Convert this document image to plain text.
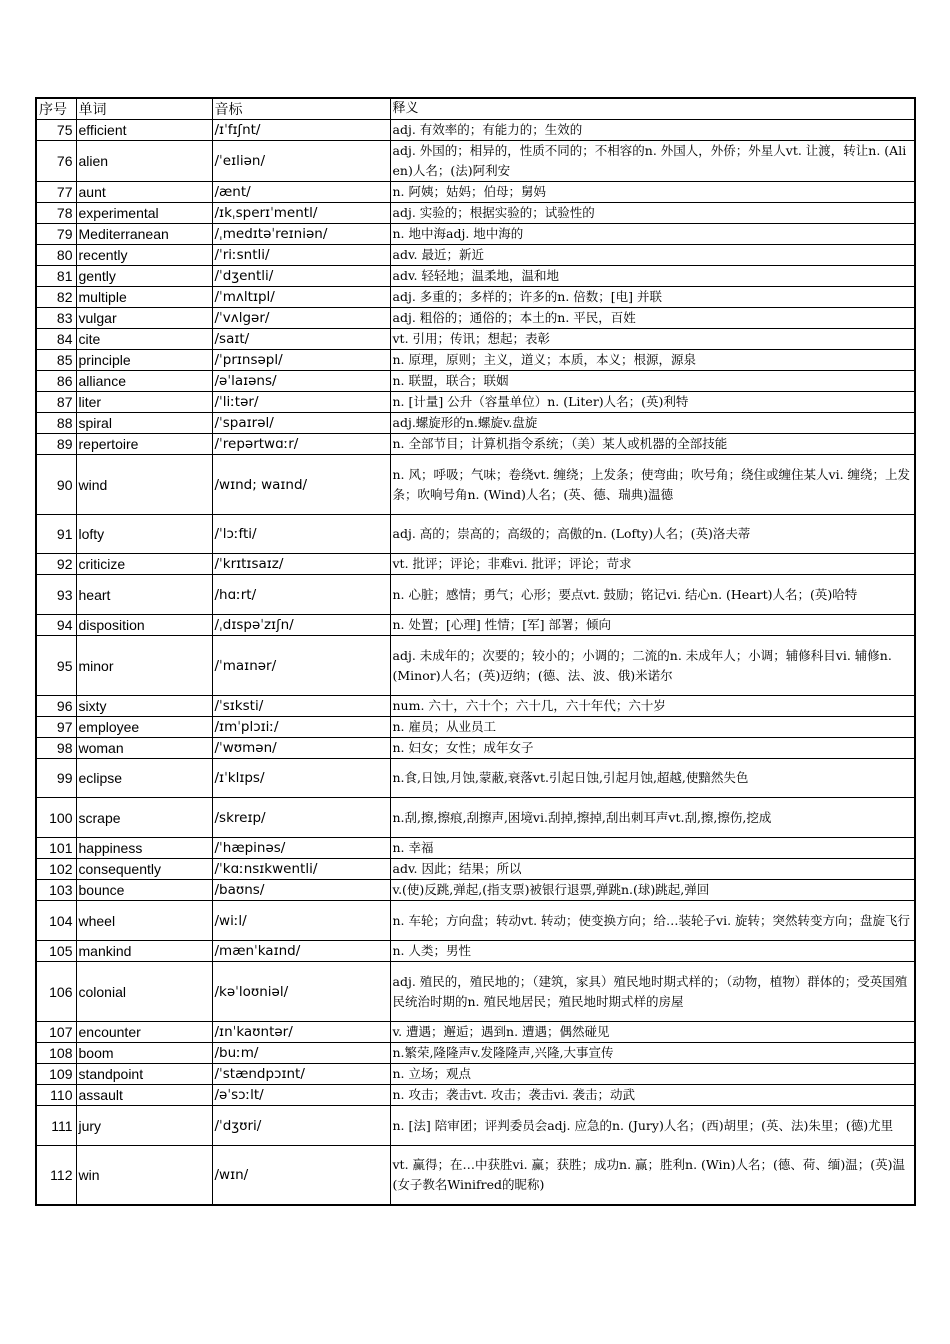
序号	单词	音标	释义
75	efficient	/ɪˈfɪʃnt/	adj. 有效率的；有能力的；生效的
76	alien	/ˈeɪliən/	adj. 外国的；相异的，性质不同的；不相容的n. 外国人，外侨；外星人vt. 让渡，转让n. (Alien)人名；(法)阿利安
77	aunt	/ænt/	n. 阿姨；姑妈；伯母；舅妈
78	experimental	/ɪkˌsperɪˈmentl/	adj. 实验的；根据实验的；试验性的
79	Mediterranean	/ˌmedɪtəˈreɪniən/	n. 地中海adj. 地中海的
80	recently	/ˈriːsntli/	adv. 最近；新近
81	gently	/ˈdʒentli/	adv. 轻轻地；温柔地，温和地
82	multiple	/ˈmʌltɪpl/	adj. 多重的；多样的；许多的n. 倍数；[电] 并联
83	vulgar	/ˈvʌlgər/	adj. 粗俗的；通俗的；本土的n. 平民，百姓
84	cite	/saɪt/	vt. 引用；传讯；想起；表彰
85	principle	/ˈprɪnsəpl/	n. 原理，原则；主义，道义；本质，本义；根源，源泉
86	alliance	/əˈlaɪəns/	n. 联盟，联合；联姻
87	liter	/ˈliːtər/	n. [计量] 公升（容量单位）n. (Liter)人名；(英)利特
88	spiral	/ˈspaɪrəl/	adj.螺旋形的n.螺旋v.盘旋
89	repertoire	/ˈrepərtwɑːr/	n. 全部节目；计算机指令系统；（美）某人或机器的全部技能
90	wind	/wɪnd; waɪnd/	n. 风；呼吸；气味；卷绕vt. 缠绕；上发条；使弯曲；吹号角；绕住或缠住某人vi. 缠绕；上发条；吹响号角n. (Wind)人名；(英、德、瑞典)温德
91	lofty	/ˈlɔːfti/	adj. 高的；崇高的；高级的；高傲的n. (Lofty)人名；(英)洛夫蒂
92	criticize	/ˈkrɪtɪsaɪz/	vt. 批评；评论；非难vi. 批评；评论；苛求
93	heart	/hɑːrt/	n. 心脏；感情；勇气；心形；要点vt. 鼓励；铭记vi. 结心n. (Heart)人名；(英)哈特
94	disposition	/ˌdɪspəˈzɪʃn/	n. 处置；[心理] 性情；[军] 部署；倾向
95	minor	/ˈmaɪnər/	adj. 未成年的；次要的；较小的；小调的；二流的n. 未成年人；小调；辅修科目vi. 辅修n. (Minor)人名；(英)迈纳；(德、法、波、俄)米诺尔
96	sixty	/ˈsɪksti/	num. 六十，六十个；六十几，六十年代；六十岁
97	employee	/ɪmˈplɔɪiː/	n. 雇员；从业员工
98	woman	/ˈwʊmən/	n. 妇女；女性；成年女子
99	eclipse	/ɪˈklɪps/	n.食,日蚀,月蚀,蒙蔽,衰落vt.引起日蚀,引起月蚀,超越,使黯然失色
100	scrape	/skreɪp/	n.刮,擦,擦痕,刮擦声,困境vi.刮掉,擦掉,刮出刺耳声vt.刮,擦,擦伤,挖成
101	happiness	/ˈhæpinəs/	n. 幸福
102	consequently	/ˈkɑːnsɪkwentli/	adv. 因此；结果；所以
103	bounce	/baʊns/	v.(使)反跳,弹起,(指支票)被银行退票,弹跳n.(球)跳起,弹回
104	wheel	/wiːl/	n. 车轮；方向盘；转动vt. 转动；使变换方向；给…装轮子vi. 旋转；突然转变方向；盘旋飞行
105	mankind	/mænˈkaɪnd/	n. 人类；男性
106	colonial	/kəˈloʊniəl/	adj. 殖民的，殖民地的；（建筑，家具）殖民地时期式样的；（动物，植物）群体的；受英国殖民统治时期的n. 殖民地居民；殖民地时期式样的房屋
107	encounter	/ɪnˈkaʊntər/	v. 遭遇；邂逅；遇到n. 遭遇；偶然碰见
108	boom	/buːm/	n.繁荣,隆隆声v.发隆隆声,兴隆,大事宣传
109	standpoint	/ˈstændpɔɪnt/	n. 立场；观点
110	assault	/əˈsɔːlt/	n. 攻击；袭击vt. 攻击；袭击vi. 袭击；动武
111	jury	/ˈdʒʊri/	n. [法] 陪审团；评判委员会adj. 应急的n. (Jury)人名；(西)胡里；(英、法)朱里；(德)尤里
112	win	/wɪn/	vt. 赢得；在…中获胜vi. 赢；获胜；成功n. 赢；胜利n. (Win)人名；(德、荷、缅)温；(英)温(女子教名Winifred的昵称)
